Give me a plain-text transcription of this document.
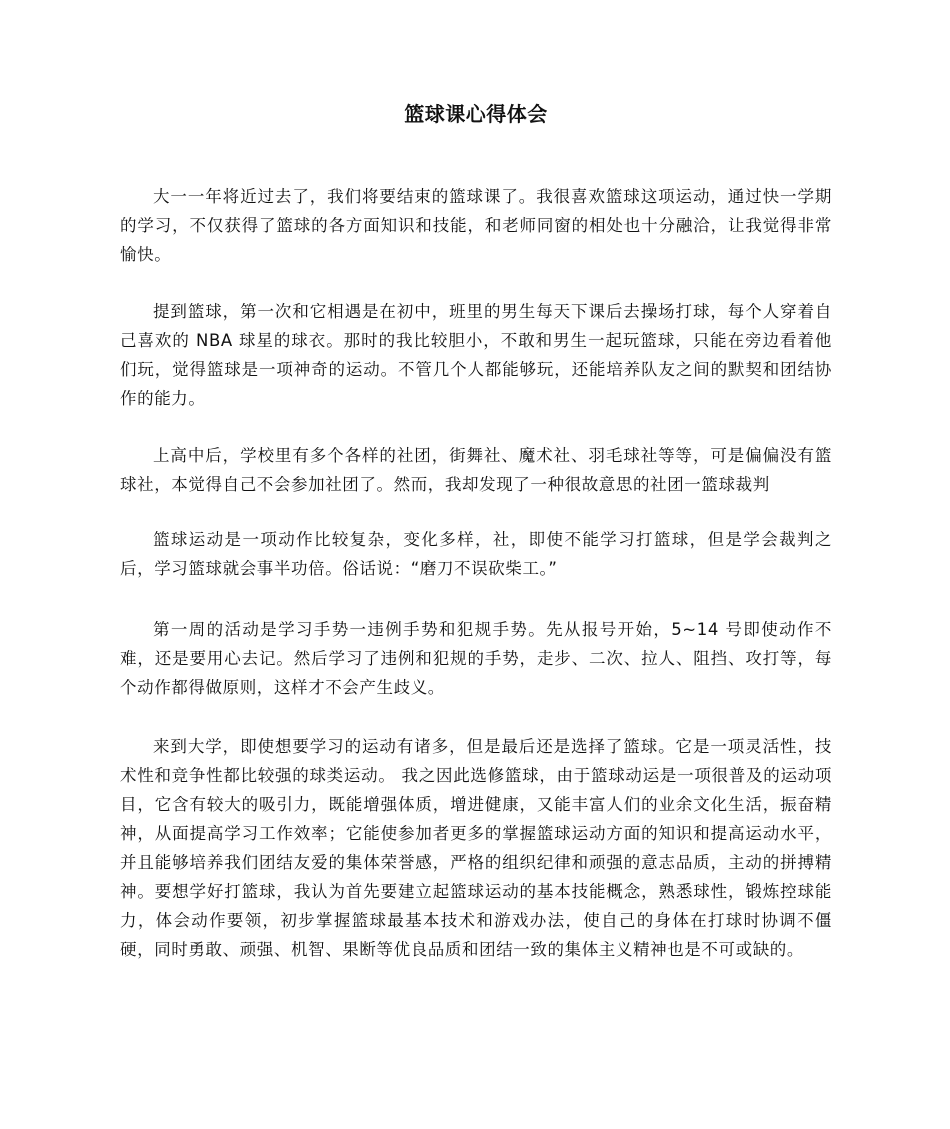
篮球课心得体会

大一一年将近过去了，我们将要结束的篮球课了。我很喜欢篮球这项运动，通过快一学期的学习，不仅获得了篮球的各方面知识和技能，和老师同窗的相处也十分融洽，让我觉得非常愉快。

提到篮球，第一次和它相遇是在初中，班里的男生每天下课后去操场打球，每个人穿着自己喜欢的 NBA 球星的球衣。那时的我比较胆小，不敢和男生一起玩篮球，只能在旁边看着他们玩，觉得篮球是一项神奇的运动。不管几个人都能够玩，还能培养队友之间的默契和团结协作的能力。

上高中后，学校里有多个各样的社团，街舞社、魔术社、羽毛球社等等，可是偏偏没有篮球社，本觉得自己不会参加社团了。然而，我却发现了一种很故意思的社团一篮球裁判

篮球运动是一项动作比较复杂，变化多样，社，即使不能学习打篮球，但是学会裁判之后，学习篮球就会事半功倍。俗话说：“磨刀不误砍柴工。”

第一周的活动是学习手势一违例手势和犯规手势。先从报号开始，5~14 号即使动作不难，还是要用心去记。然后学习了违例和犯规的手势，走步、二次、拉人、阻挡、攻打等，每个动作都得做原则，这样才不会产生歧义。

来到大学，即使想要学习的运动有诸多，但是最后还是选择了篮球。它是一项灵活性，技术性和竞争性都比较强的球类运动。 我之因此选修篮球，由于篮球动运是一项很普及的运动项目，它含有较大的吸引力，既能增强体质，增进健康，又能丰富人们的业余文化生活，振奋精神，从面提高学习工作效率；它能使参加者更多的掌握篮球运动方面的知识和提高运动水平，并且能够培养我们团结友爱的集体荣誉感，严格的组织纪律和顽强的意志品质，主动的拼搏精神。要想学好打篮球，我认为首先要建立起篮球运动的基本技能概念，熟悉球性，锻炼控球能力，体会动作要领，初步掌握篮球最基本技术和游戏办法，使自己的身体在打球时协调不僵硬，同时勇敢、顽强、机智、果断等优良品质和团结一致的集体主义精神也是不可或缺的。
